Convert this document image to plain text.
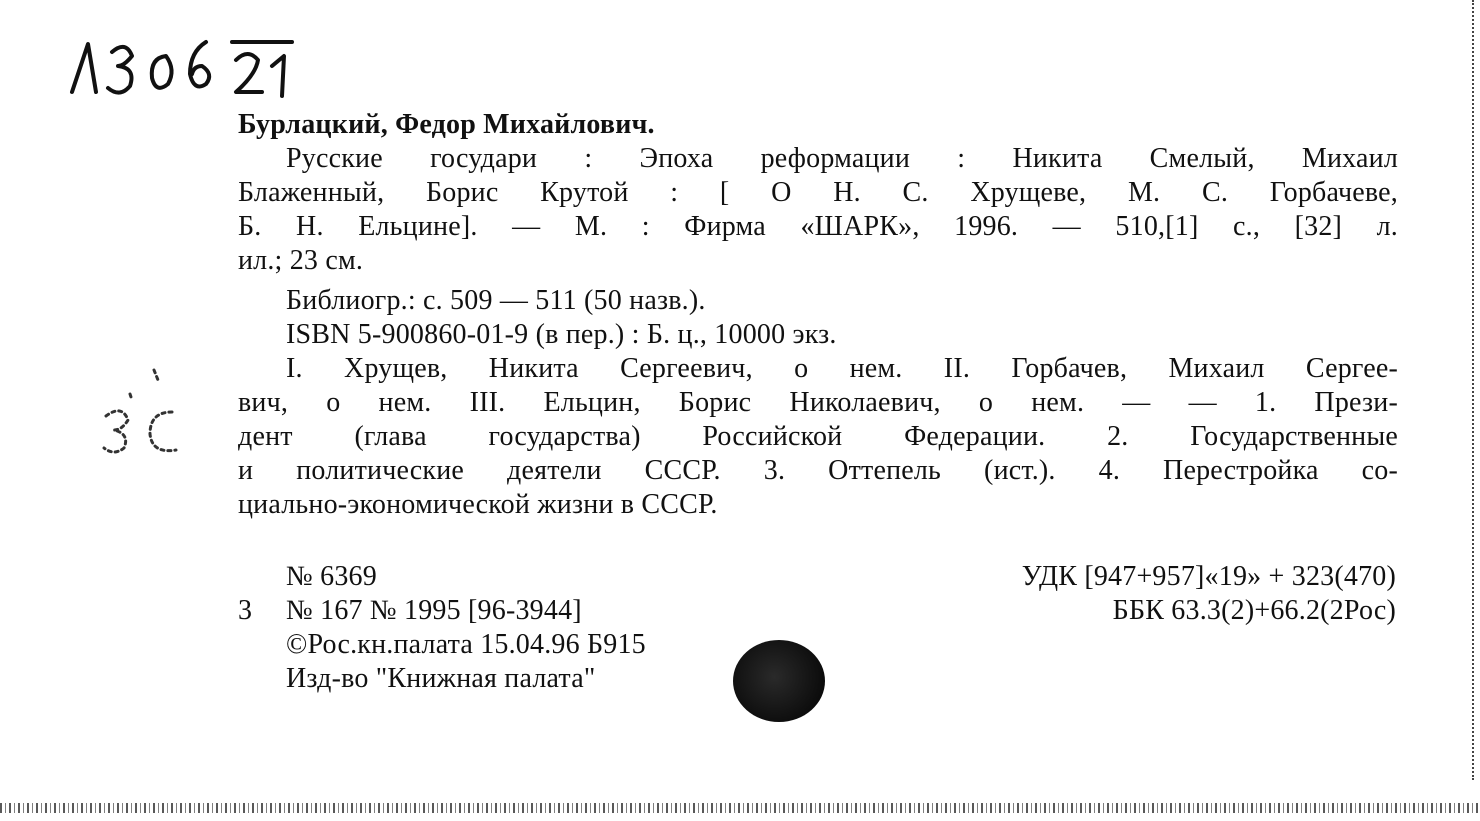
Бурлацкий, Федор Михайлович.
Русские государи : Эпоха реформации : Никита Смелый, Михаил
Блаженный, Борис Крутой : [ О Н. С. Хрущеве, М. С. Горбачеве,
Б. Н. Ельцине]. — М. : Фирма «ШАРК», 1996. — 510,[1] с., [32] л.
ил.; 23 см.
Библиогр.: с. 509 — 511 (50 назв.).
ISBN 5-900860-01-9 (в пер.) : Б. ц., 10000 экз.
I. Хрущев, Никита Сергеевич, о нем. II. Горбачев, Михаил Сергее-
вич, о нем. III. Ельцин, Борис Николаевич, о нем. — — 1. Прези-
дент (глава государства) Российской Федерации. 2. Государственные
и политические деятели СССР. 3. Оттепель (ист.). 4. Перестройка со-
циально-экономической жизни в СССР.
№ 6369
3 № 167 № 1995 [96-3944]
©Рос.кн.палата 15.04.96 Б915
Изд-во "Книжная палата"
УДК [947+957]«19» + 323(470)
ББК 63.3(2)+66.2(2Рос)
